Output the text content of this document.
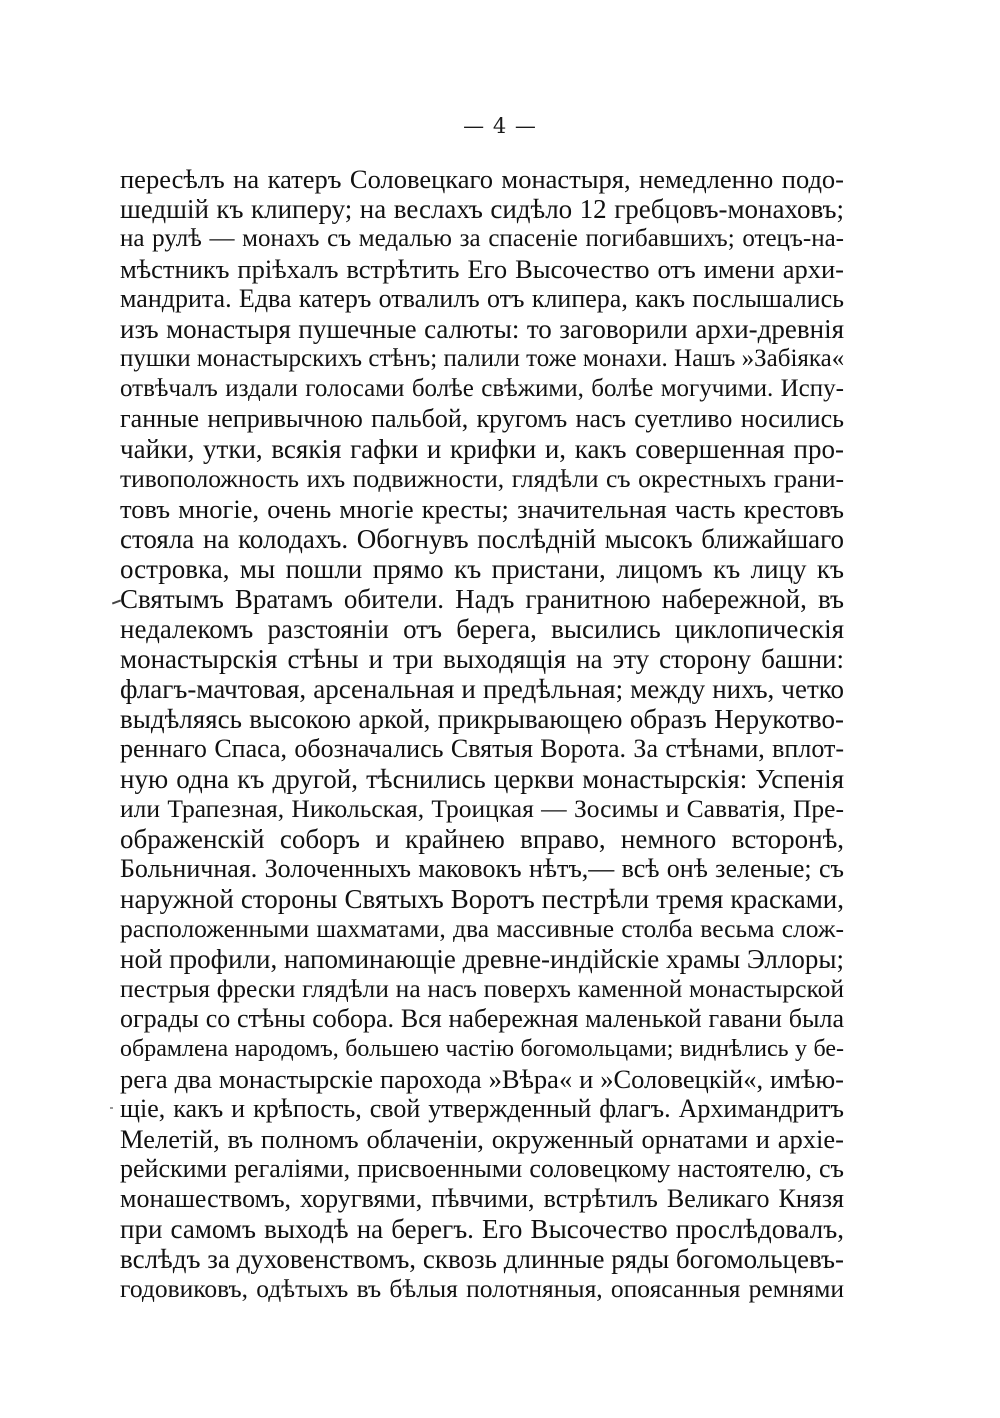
— 4 —
пересѣлъ на катеръ Соловецкаго монастыря, немедленно подо-
шедшій къ клиперу; на веслахъ сидѣло 12 гребцовъ-монаховъ;
на рулѣ — монахъ съ медалью за спасеніе погибавшихъ; отецъ-на-
мѣстникъ пріѣхалъ встрѣтить Его Высочество отъ имени архи-
мандрита. Едва катеръ отвалилъ отъ клипера, какъ послышались
изъ монастыря пушечные салюты: то заговорили архи-древнія
пушки монастырскихъ стѣнъ; палили тоже монахи. Нашъ »Забіяка«
отвѣчалъ издали голосами болѣе свѣжими, болѣе могучими. Испу-
ганные непривычною пальбой, кругомъ насъ суетливо носились
чайки, утки, всякія гафки и крифки и, какъ совершенная про-
тивоположность ихъ подвижности, глядѣли съ окрестныхъ грани-
товъ многіе, очень многіе кресты; значительная часть крестовъ
стояла на колодахъ. Обогнувъ послѣдній мысокъ ближайшаго
островка, мы пошли прямо къ пристани, лицомъ къ лицу къ
Святымъ Вратамъ обители. Надъ гранитною набережной, въ
недалекомъ разстояніи отъ берега, высились циклопическія
монастырскія стѣны и три выходящія на эту сторону башни:
флагъ-мачтовая, арсенальная и предѣльная; между нихъ, четко
выдѣляясь высокою аркой, прикрывающею образъ Нерукотво-
реннаго Спаса, обозначались Святыя Ворота. За стѣнами, вплот-
ную одна къ другой, тѣснились церкви монастырскія: Успенія
или Трапезная, Никольская, Троицкая — Зосимы и Савватія, Пре-
ображенскій соборъ и крайнею вправо, немного всторонѣ,
Больничная. Золоченныхъ маковокъ нѣтъ,— всѣ онѣ зеленые; съ
наружной стороны Святыхъ Воротъ пестрѣли тремя красками,
расположенными шахматами, два массивные столба весьма слож-
ной профили, напоминающіе древне-индійскіе храмы Эллоры;
пестрыя фрески глядѣли на насъ поверхъ каменной монастырской
ограды со стѣны собора. Вся набережная маленькой гавани была
обрамлена народомъ, большею частію богомольцами; виднѣлись у бе-
рега два монастырскіе парохода »Вѣра« и »Соловецкій«, имѣю-
щіе, какъ и крѣпость, свой утвержденный флагъ. Архимандритъ
Мелетій, въ полномъ облаченіи, окруженный орнатами и архіе-
рейскими регаліями, присвоенными соловецкому настоятелю, съ
монашествомъ, хоругвями, пѣвчими, встрѣтилъ Великаго Князя
при самомъ выходѣ на берегъ. Его Высочество прослѣдовалъ,
вслѣдъ за духовенствомъ, сквозь длинные ряды богомольцевъ-
годовиковъ, одѣтыхъ въ бѣлыя полотняныя, опоясанныя ремнями
